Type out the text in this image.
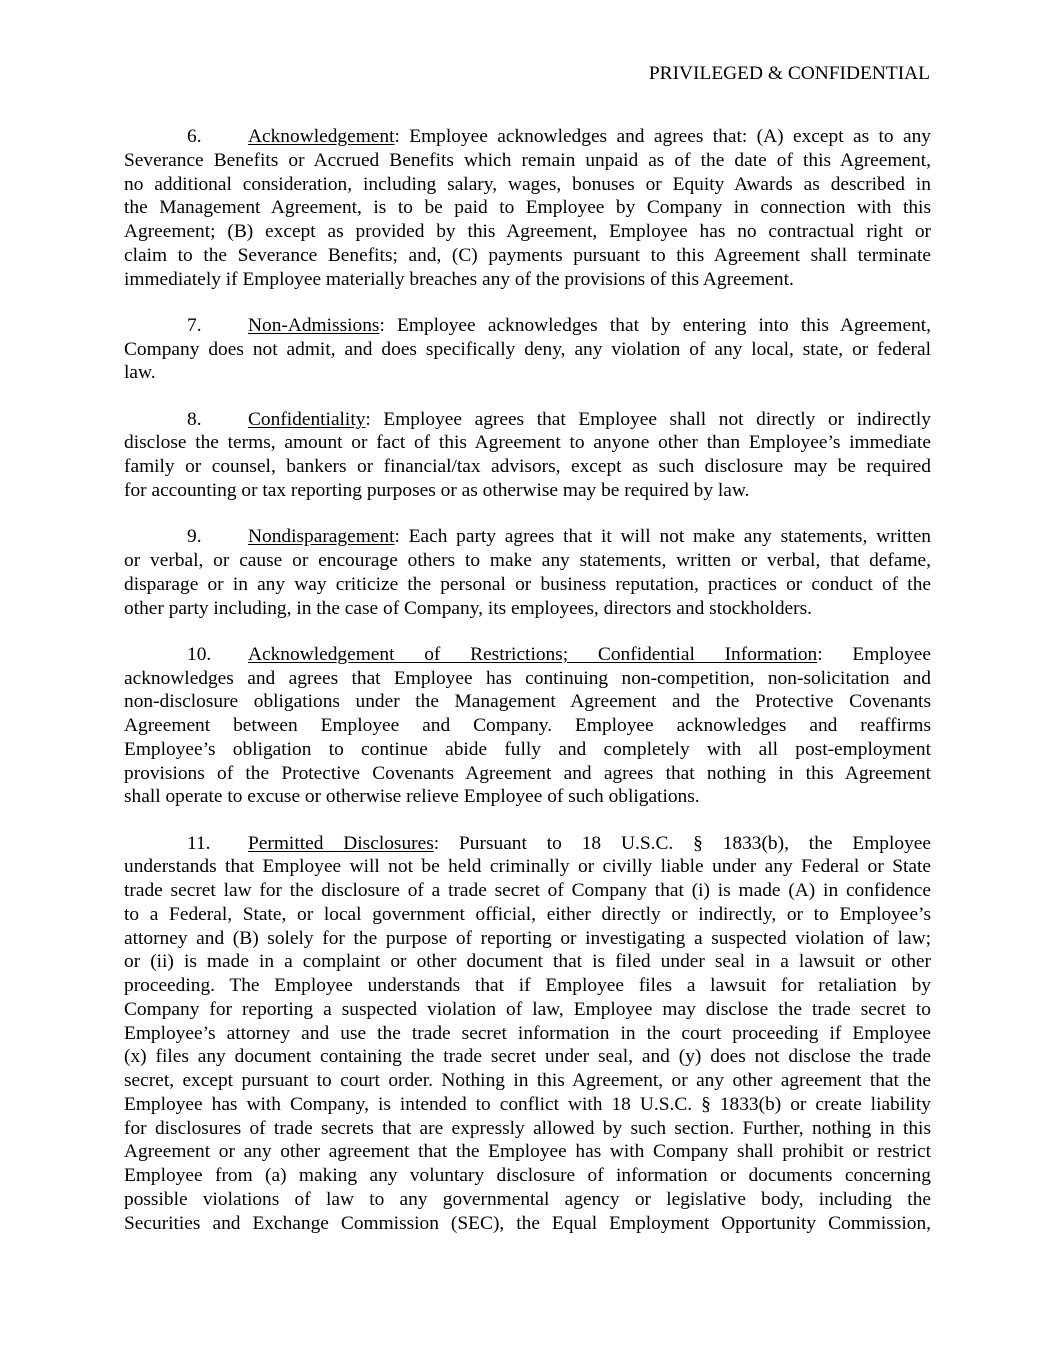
PRIVILEGED & CONFIDENTIAL
6.	Acknowledgement: Employee acknowledges and agrees that: (A) except as to any
Severance Benefits or Accrued Benefits which remain unpaid as of the date of this Agreement,
no additional consideration, including salary, wages, bonuses or Equity Awards as described in
the Management Agreement, is to be paid to Employee by Company in connection with this
Agreement; (B) except as provided by this Agreement, Employee has no contractual right or
claim to the Severance Benefits; and, (C) payments pursuant to this Agreement shall terminate
immediately if Employee materially breaches any of the provisions of this Agreement.
7.	Non-Admissions: Employee acknowledges that by entering into this Agreement,
Company does not admit, and does specifically deny, any violation of any local, state, or federal
law.
8.	Confidentiality: Employee agrees that Employee shall not directly or indirectly
disclose the terms, amount or fact of this Agreement to anyone other than Employee’s immediate
family or counsel, bankers or financial/tax advisors, except as such disclosure may be required
for accounting or tax reporting purposes or as otherwise may be required by law.
9.	Nondisparagement: Each party agrees that it will not make any statements, written
or verbal, or cause or encourage others to make any statements, written or verbal, that defame,
disparage or in any way criticize the personal or business reputation, practices or conduct of the
other party including, in the case of Company, its employees, directors and stockholders.
10.	Acknowledgement of Restrictions; Confidential Information: Employee
acknowledges and agrees that Employee has continuing non-competition, non-solicitation and
non-disclosure obligations under the Management Agreement and the Protective Covenants
Agreement between Employee and Company. Employee acknowledges and reaffirms
Employee’s obligation to continue abide fully and completely with all post-employment
provisions of the Protective Covenants Agreement and agrees that nothing in this Agreement
shall operate to excuse or otherwise relieve Employee of such obligations.
11.	Permitted Disclosures: Pursuant to 18 U.S.C. § 1833(b), the Employee
understands that Employee will not be held criminally or civilly liable under any Federal or State
trade secret law for the disclosure of a trade secret of Company that (i) is made (A) in confidence
to a Federal, State, or local government official, either directly or indirectly, or to Employee’s
attorney and (B) solely for the purpose of reporting or investigating a suspected violation of law;
or (ii) is made in a complaint or other document that is filed under seal in a lawsuit or other
proceeding. The Employee understands that if Employee files a lawsuit for retaliation by
Company for reporting a suspected violation of law, Employee may disclose the trade secret to
Employee’s attorney and use the trade secret information in the court proceeding if Employee
(x) files any document containing the trade secret under seal, and (y) does not disclose the trade
secret, except pursuant to court order. Nothing in this Agreement, or any other agreement that the
Employee has with Company, is intended to conflict with 18 U.S.C. § 1833(b) or create liability
for disclosures of trade secrets that are expressly allowed by such section. Further, nothing in this
Agreement or any other agreement that the Employee has with Company shall prohibit or restrict
Employee from (a) making any voluntary disclosure of information or documents concerning
possible violations of law to any governmental agency or legislative body, including the
Securities and Exchange Commission (SEC), the Equal Employment Opportunity Commission,
